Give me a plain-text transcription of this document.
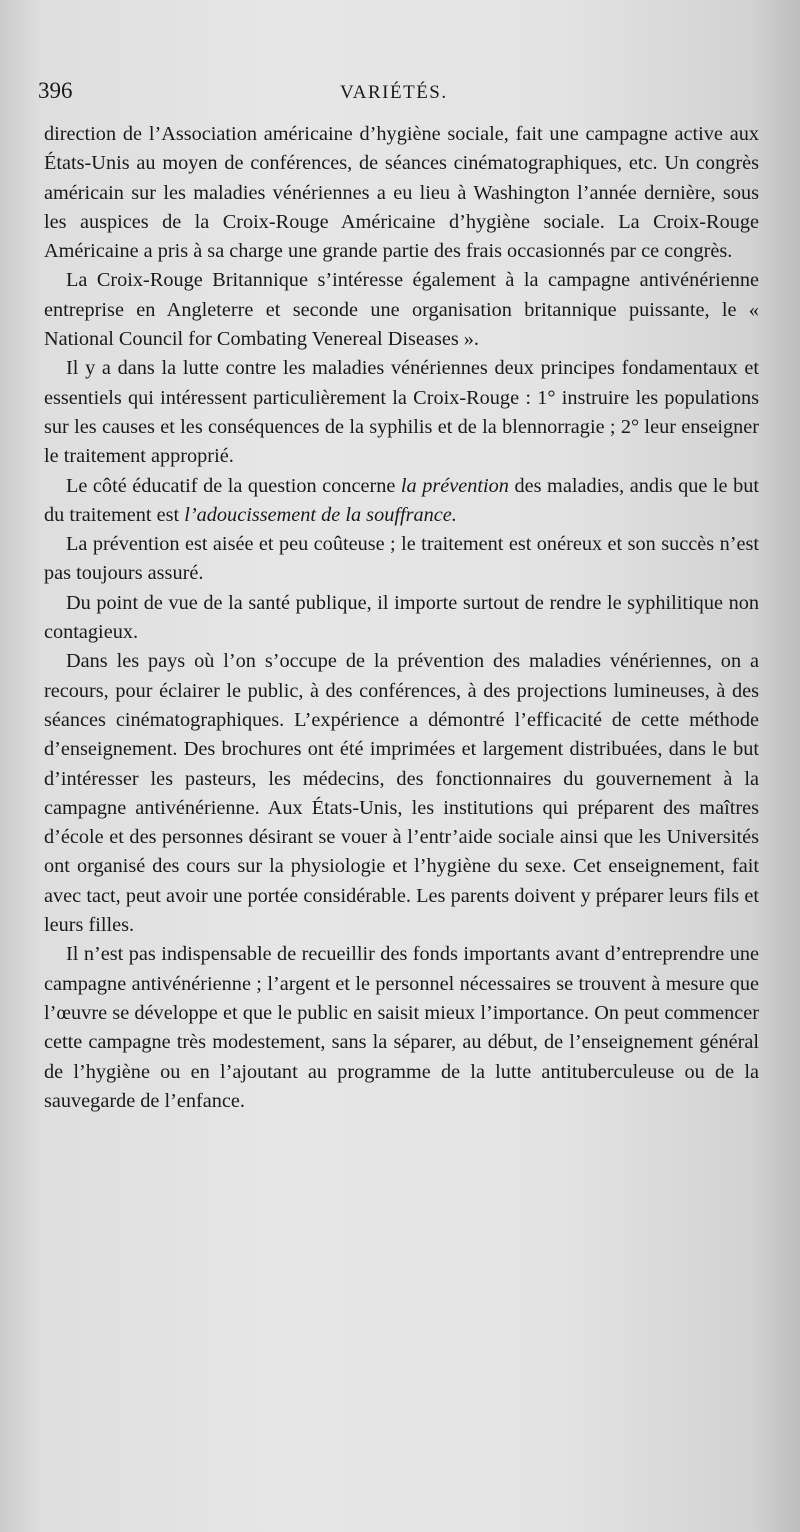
396	VARIÉTÉS.

direction de l’Association américaine d’hygiène sociale, fait une campagne active aux États-Unis au moyen de conférences, de séances cinématographiques, etc. Un congrès américain sur les maladies vénériennes a eu lieu à Washington l’année dernière, sous les auspices de la Croix-Rouge Américaine d’hygiène sociale. La Croix-Rouge Américaine a pris à sa charge une grande partie des frais occasionnés par ce congrès.

La Croix-Rouge Britannique s’intéresse également à la campagne antivénérienne entreprise en Angleterre et seconde une organisation britannique puissante, le « National Council for Combating Venereal Diseases ».

Il y a dans la lutte contre les maladies vénériennes deux principes fondamentaux et essentiels qui intéressent particulièrement la Croix-Rouge : 1° instruire les populations sur les causes et les conséquences de la syphilis et de la blennorragie ; 2° leur enseigner le traitement approprié.

Le côté éducatif de la question concerne la prévention des maladies, andis que le but du traitement est l’adoucissement de la souffrance.

La prévention est aisée et peu coûteuse ; le traitement est onéreux et son succès n’est pas toujours assuré.

Du point de vue de la santé publique, il importe surtout de rendre le syphilitique non contagieux.

Dans les pays où l’on s’occupe de la prévention des maladies vénériennes, on a recours, pour éclairer le public, à des conférences, à des projections lumineuses, à des séances cinématographiques. L’expérience a démontré l’efficacité de cette méthode d’enseignement. Des brochures ont été imprimées et largement distribuées, dans le but d’intéresser les pasteurs, les médecins, des fonctionnaires du gouvernement à la campagne antivénérienne. Aux États-Unis, les institutions qui préparent des maîtres d’école et des personnes désirant se vouer à l’entr’aide sociale ainsi que les Universités ont organisé des cours sur la physiologie et l’hygiène du sexe. Cet enseignement, fait avec tact, peut avoir une portée considérable. Les parents doivent y préparer leurs fils et leurs filles.

Il n’est pas indispensable de recueillir des fonds importants avant d’entreprendre une campagne antivénérienne ; l’argent et le personnel nécessaires se trouvent à mesure que l’œuvre se développe et que le public en saisit mieux l’importance. On peut commencer cette campagne très modestement, sans la séparer, au début, de l’enseignement général de l’hygiène ou en l’ajoutant au programme de la lutte antituberculeuse ou de la sauvegarde de l’enfance.
